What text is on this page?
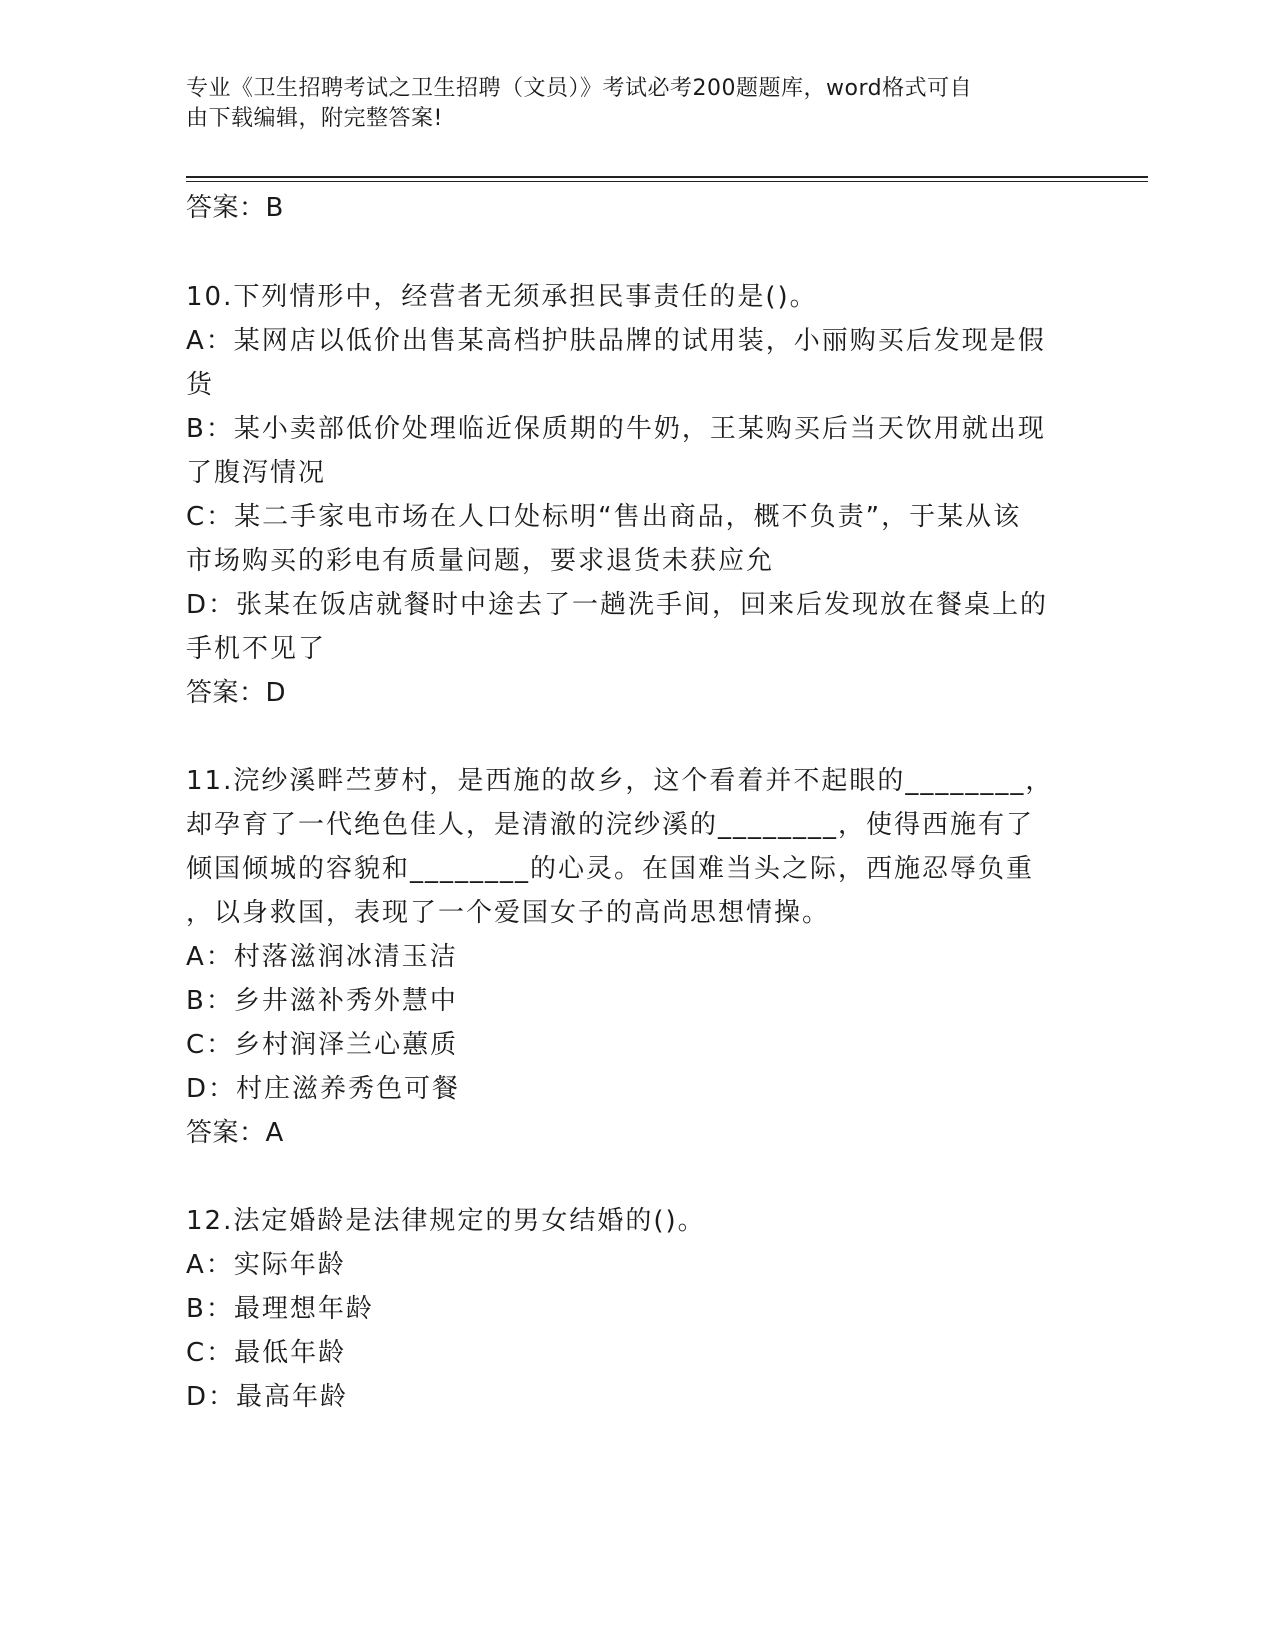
专业《卫生招聘考试之卫生招聘（文员）》考试必考200题题库，word格式可自
由下载编辑，附完整答案!
答案：B
10.下列情形中，经营者无须承担民事责任的是()。
A：某网店以低价出售某高档护肤品牌的试用装，小丽购买后发现是假
货
B：某小卖部低价处理临近保质期的牛奶，王某购买后当天饮用就出现
了腹泻情况
C：某二手家电市场在人口处标明“售出商品，概不负责”，于某从该
市场购买的彩电有质量问题，要求退货未获应允
D：张某在饭店就餐时中途去了一趟洗手间，回来后发现放在餐桌上的
手机不见了
答案：D
11.浣纱溪畔苎萝村，是西施的故乡，这个看着并不起眼的________，
却孕育了一代绝色佳人，是清澈的浣纱溪的________，使得西施有了
倾国倾城的容貌和________的心灵。在国难当头之际，西施忍辱负重
，以身救国，表现了一个爱国女子的高尚思想情操。
A：村落滋润冰清玉洁
B：乡井滋补秀外慧中
C：乡村润泽兰心蕙质
D：村庄滋养秀色可餐
答案：A
12.法定婚龄是法律规定的男女结婚的()。
A：实际年龄
B：最理想年龄
C：最低年龄
D：最高年龄
